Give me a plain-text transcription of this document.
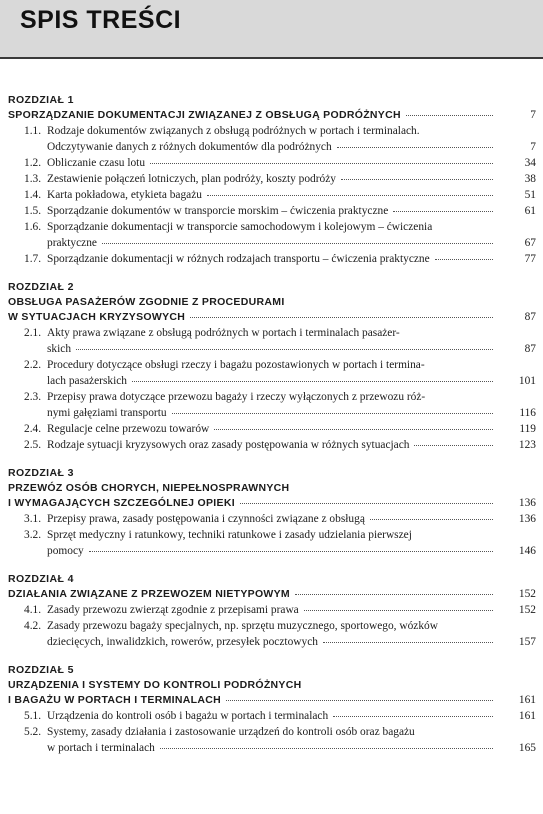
SPIS TREŚCI
ROZDZIAŁ 1
SPORZĄDZANIE DOKUMENTACJI ZWIĄZANEJ Z OBSŁUGĄ PODRÓŻNYCH	7
1.1. Rodzaje dokumentów związanych z obsługą podróżnych w portach i terminalach.
Odczytywanie danych z różnych dokumentów dla podróżnych	7
1.2. Obliczanie czasu lotu	34
1.3. Zestawienie połączeń lotniczych, plan podróży, koszty podróży	38
1.4. Karta pokładowa, etykieta bagażu	51
1.5. Sporządzanie dokumentów w transporcie morskim – ćwiczenia praktyczne	61
1.6. Sporządzanie dokumentacji w transporcie samochodowym i kolejowym – ćwiczenia
praktyczne	67
1.7. Sporządzanie dokumentacji w różnych rodzajach transportu – ćwiczenia praktyczne	77
ROZDZIAŁ 2
OBSŁUGA PASAŻERÓW ZGODNIE Z PROCEDURAMI
W SYTUACJACH KRYZYSOWYCH	87
2.1. Akty prawa związane z obsługą podróżnych w portach i terminalach pasażer-
skich	87
2.2. Procedury dotyczące obsługi rzeczy i bagażu pozostawionych w portach i termina-
lach pasażerskich	101
2.3. Przepisy prawa dotyczące przewozu bagaży i rzeczy wyłączonych z przewozu róż-
nymi gałęziami transportu	116
2.4. Regulacje celne przewozu towarów	119
2.5. Rodzaje sytuacji kryzysowych oraz zasady postępowania w różnych sytuacjach	123
ROZDZIAŁ 3
PRZEWÓZ OSÓB CHORYCH, NIEPEŁNOSPRAWNYCH
I WYMAGAJĄCYCH SZCZEGÓLNEJ OPIEKI	136
3.1. Przepisy prawa, zasady postępowania i czynności związane z obsługą	136
3.2. Sprzęt medyczny i ratunkowy, techniki ratunkowe i zasady udzielania pierwszej
pomocy	146
ROZDZIAŁ 4
DZIAŁANIA ZWIĄZANE Z PRZEWOZEM NIETYPOWYM	152
4.1. Zasady przewozu zwierząt zgodnie z przepisami prawa	152
4.2. Zasady przewozu bagaży specjalnych, np. sprzętu muzycznego, sportowego, wózków
dziecięcych, inwalidzkich, rowerów, przesyłek pocztowych	157
ROZDZIAŁ 5
URZĄDZENIA I SYSTEMY DO KONTROLI PODRÓŻNYCH
I BAGAŻU W PORTACH I TERMINALACH	161
5.1. Urządzenia do kontroli osób i bagażu w portach i terminalach	161
5.2. Systemy, zasady działania i zastosowanie urządzeń do kontroli osób oraz bagażu
w portach i terminalach	165
